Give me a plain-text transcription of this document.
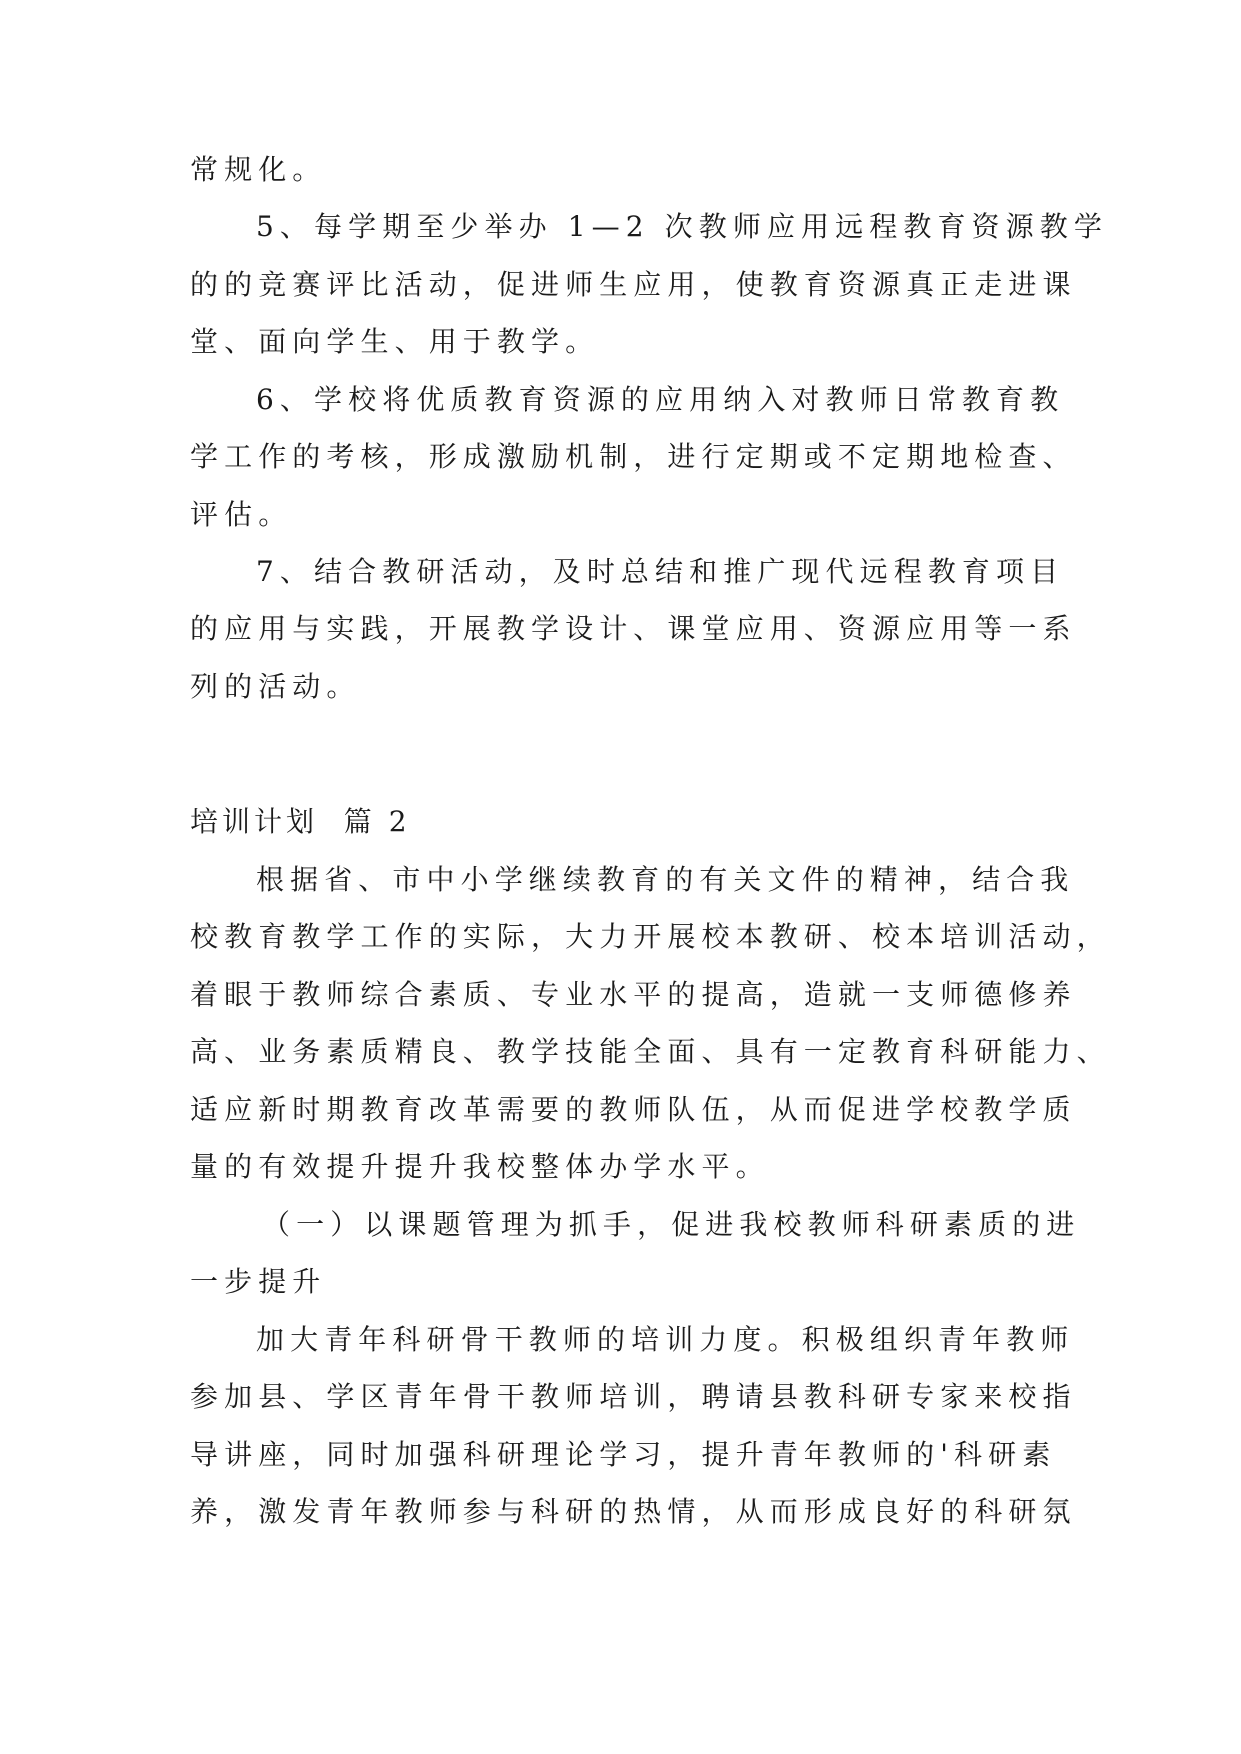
常规化。
5、每学期至少举办 1—2 次教师应用远程教育资源教学
的的竞赛评比活动，促进师生应用，使教育资源真正走进课
堂、面向学生、用于教学。
6、学校将优质教育资源的应用纳入对教师日常教育教
学工作的考核，形成激励机制，进行定期或不定期地检查、
评估。
7、结合教研活动，及时总结和推广现代远程教育项目
的应用与实践，开展教学设计、课堂应用、资源应用等一系
列的活动。
培训计划  篇 2
根据省、市中小学继续教育的有关文件的精神，结合我
校教育教学工作的实际，大力开展校本教研、校本培训活动，
着眼于教师综合素质、专业水平的提高，造就一支师德修养
高、业务素质精良、教学技能全面、具有一定教育科研能力、
适应新时期教育改革需要的教师队伍，从而促进学校教学质
量的有效提升提升我校整体办学水平。
（一）以课题管理为抓手，促进我校教师科研素质的进
一步提升
加大青年科研骨干教师的培训力度。积极组织青年教师
参加县、学区青年骨干教师培训，聘请县教科研专家来校指
导讲座，同时加强科研理论学习，提升青年教师的'科研素
养，激发青年教师参与科研的热情，从而形成良好的科研氛
